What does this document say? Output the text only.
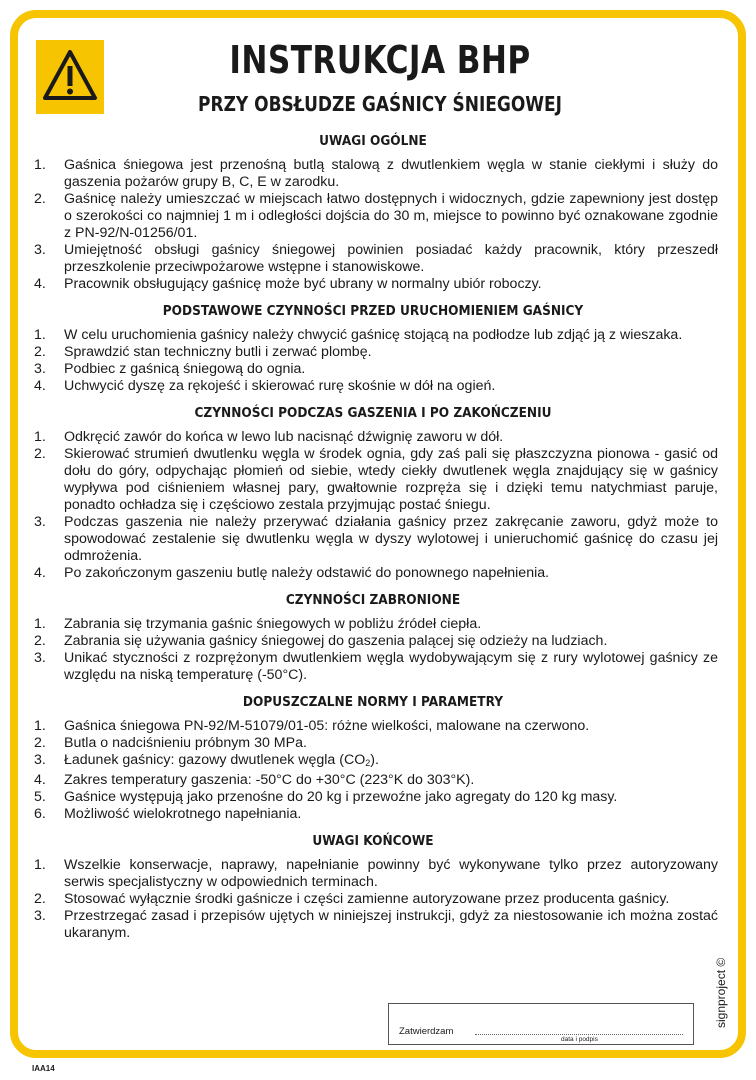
INSTRUKCJA BHP
PRZY OBSŁUDZE GAŚNICY ŚNIEGOWEJ
UWAGI OGÓLNE
1. Gaśnica śniegowa jest przenośną butlą stalową z dwutlenkiem węgla w stanie ciekłymi i służy do gaszenia pożarów grupy B, C, E w zarodku.
2. Gaśnicę należy umieszczać w miejscach łatwo dostępnych i widocznych, gdzie zapewniony jest dostęp o szerokości co najmniej 1 m i odległości dojścia do 30 m, miejsce to powinno być oznakowane zgodnie z PN-92/N-01256/01.
3. Umiejętność obsługi gaśnicy śniegowej powinien posiadać każdy pracownik, który przeszedł przeszkolenie przeciwpożarowe wstępne i stanowiskowe.
4. Pracownik obsługujący gaśnicę może być ubrany w normalny ubiór roboczy.
PODSTAWOWE CZYNNOŚCI PRZED URUCHOMIENIEM GAŚNICY
1. W celu uruchomienia gaśnicy należy chwycić gaśnicę stojącą na podłodze lub zdjąć ją z wieszaka.
2. Sprawdzić stan techniczny butli i zerwać plombę.
3. Podbiec z gaśnicą śniegową do ognia.
4. Uchwycić dyszę za rękojeść i skierować rurę skośnie w dół na ogień.
CZYNNOŚCI PODCZAS GASZENIA I PO ZAKOŃCZENIU
1. Odkręcić zawór do końca w lewo lub nacisnąć dźwignię zaworu w dół.
2. Skierować strumień dwutlenku węgla w środek ognia, gdy zaś pali się płaszczyzna pionowa - gasić od dołu do góry, odpychając płomień od siebie, wtedy ciekły dwutlenek węgla znajdujący się w gaśnicy wypływa pod ciśnieniem własnej pary, gwałtownie rozpręża się i dzięki temu natychmiast paruje, ponadto ochładza się i częściowo zestala przyjmując postać śniegu.
3. Podczas gaszenia nie należy przerywać działania gaśnicy przez zakręcanie zaworu, gdyż może to spowodować zestalenie się dwutlenku węgla w dyszy wylotowej i unieruchomić gaśnicę do czasu jej odmrożenia.
4. Po zakończonym gaszeniu butlę należy odstawić do ponownego napełnienia.
CZYNNOŚCI ZABRONIONE
1. Zabrania się trzymania gaśnic śniegowych w pobliżu źródeł ciepła.
2. Zabrania się używania gaśnicy śniegowej do gaszenia palącej się odzieży na ludziach.
3. Unikać styczności z rozprężonym dwutlenkiem węgla wydobywającym się z rury wylotowej gaśnicy ze względu na niską temperaturę (-50°C).
DOPUSZCZALNE NORMY I PARAMETRY
1. Gaśnica śniegowa PN-92/M-51079/01-05: różne wielkości, malowane na czerwono.
2. Butla o nadciśnieniu próbnym 30 MPa.
3. Ładunek gaśnicy: gazowy dwutlenek węgla $(CO_2)$.
4. Zakres temperatury gaszenia: -50°C do +30°C (223°K do 303°K).
5. Gaśnice występują jako przenośne do 20 kg i przewoźne jako agregaty do 120 kg masy.
6. Możliwość wielokrotnego napełniania.
UWAGI KOŃCOWE
1. Wszelkie konserwacje, naprawy, napełnianie powinny być wykonywane tylko przez autoryzowany serwis specjalistyczny w odpowiednich terminach.
2. Stosować wyłącznie środki gaśnicze i części zamienne autoryzowane przez producenta gaśnicy.
3. Przestrzegać zasad i przepisów ujętych w niniejszej instrukcji, gdyż za niestosowanie ich można zostać ukaranym.
Zatwierdzam
data i podpis
signproject ©
IAA14
